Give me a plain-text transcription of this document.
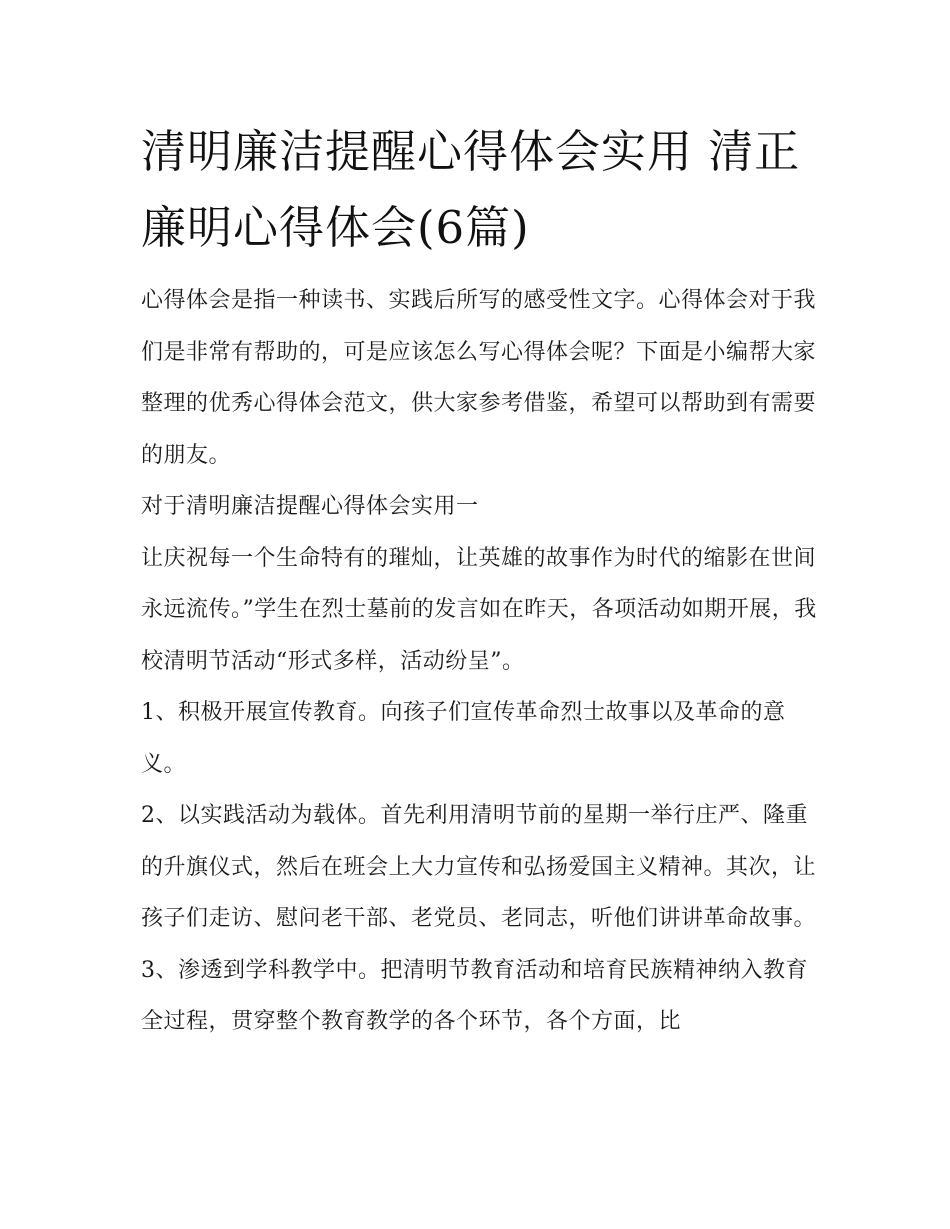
清明廉洁提醒心得体会实用 清正廉明心得体会(6篇)

心得体会是指一种读书、实践后所写的感受性文字。心得体会对于我们是非常有帮助的，可是应该怎么写心得体会呢？下面是小编帮大家整理的优秀心得体会范文，供大家参考借鉴，希望可以帮助到有需要的朋友。

对于清明廉洁提醒心得体会实用一

让庆祝每一个生命特有的璀灿，让英雄的故事作为时代的缩影在世间永远流传。”学生在烈士墓前的发言如在昨天，各项活动如期开展，我校清明节活动“形式多样，活动纷呈”。

1、积极开展宣传教育。向孩子们宣传革命烈士故事以及革命的意义。

2、以实践活动为载体。首先利用清明节前的星期一举行庄严、隆重的升旗仪式，然后在班会上大力宣传和弘扬爱国主义精神。其次，让孩子们走访、慰问老干部、老党员、老同志，听他们讲讲革命故事。

3、渗透到学科教学中。把清明节教育活动和培育民族精神纳入教育全过程，贯穿整个教育教学的各个环节，各个方面，比
